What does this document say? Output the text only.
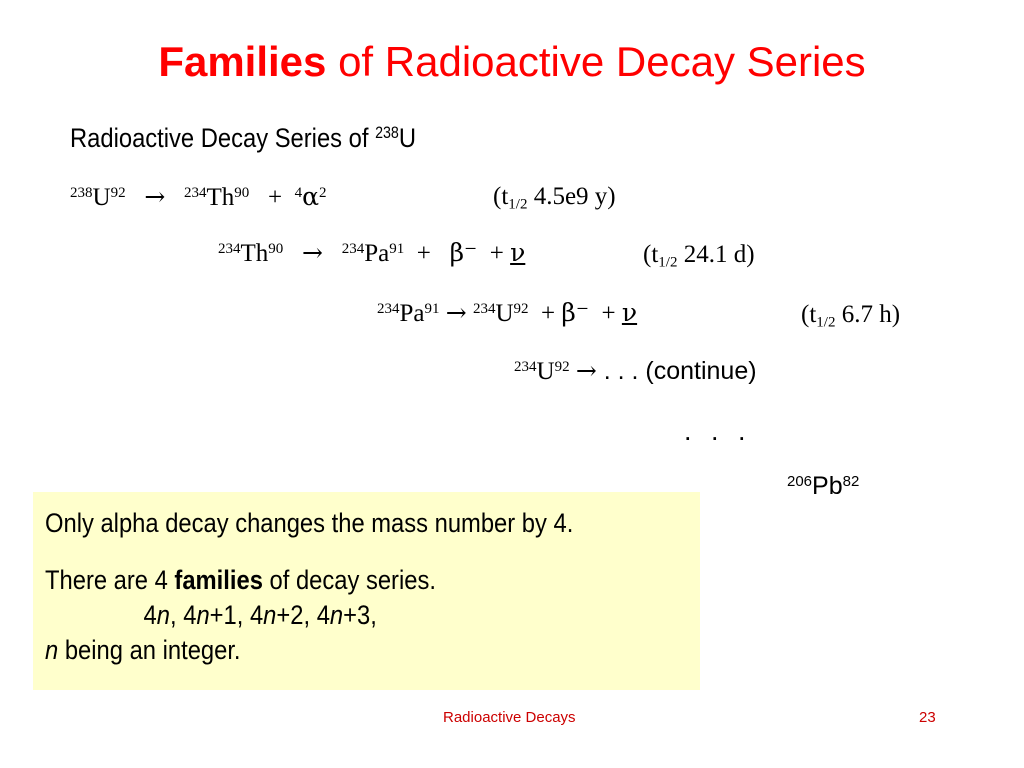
Families of Radioactive Decay Series
Radioactive Decay Series of $^{238}$U
$^{238}U^{92} \to ^{234}Th^{90} + ^4\alpha^2$	($t_{1/2}$ 4.5e9 y)
$^{234}Th^{90} \to ^{234}Pa^{91} + \beta^- + \nu$	($t_{1/2}$ 24.1 d)
$^{234}Pa^{91} \to ^{234}U^{92} + \beta^- + \nu$	($t_{1/2}$ 6.7 h)
$^{234}U^{92}$ → . . . (continue)
. . .
$^{206}$Pb$^{82}$

Only alpha decay changes the mass number by 4.

There are 4 families of decay series.

4n, 4n+1, 4n+2, 4n+3,

n being an integer.

Radioactive Decays	23
